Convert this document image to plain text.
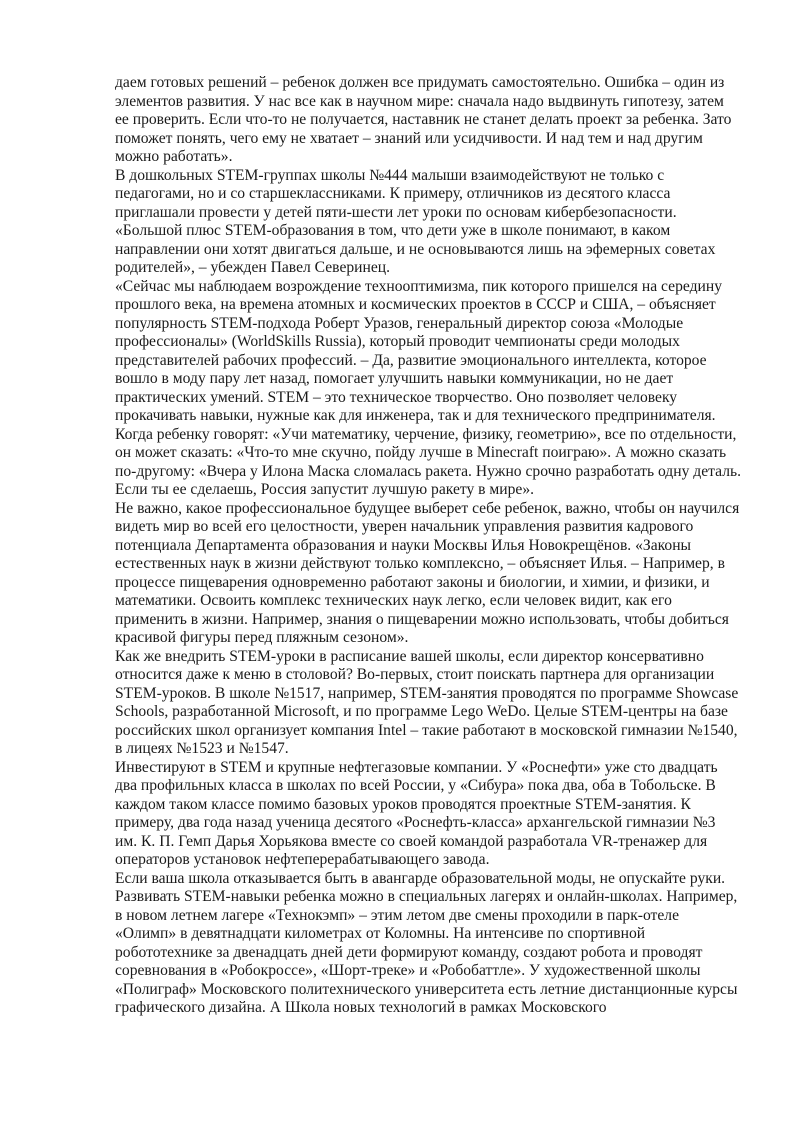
даем готовых решений – ребенок должен все придумать самостоятельно. Ошибка – один из элементов развития. У нас все как в научном мире: сначала надо выдвинуть гипотезу, затем ее проверить. Если что-то не получается, наставник не станет делать проект за ребенка. Зато поможет понять, чего ему не хватает – знаний или усидчивости. И над тем и над другим можно работать».

В дошкольных STEM-группах школы №444 малыши взаимодействуют не только с педагогами, но и со старшеклассниками. К примеру, отличников из десятого класса приглашали провести у детей пяти-шести лет уроки по основам кибербезопасности. «Большой плюс STEM-образования в том, что дети уже в школе понимают, в каком направлении они хотят двигаться дальше, и не основываются лишь на эфемерных советах родителей», – убежден Павел Северинец.

«Сейчас мы наблюдаем возрождение технооптимизма, пик которого пришелся на середину прошлого века, на времена атомных и космических проектов в СССР и США, – объясняет популярность STEM-подхода Роберт Уразов, генеральный директор союза «Молодые профессионалы» (WorldSkills Russia), который проводит чемпионаты среди молодых представителей рабочих профессий. – Да, развитие эмоционального интеллекта, которое вошло в моду пару лет назад, помогает улучшить навыки коммуникации, но не дает практических умений. STEM – это техническое творчество. Оно позволяет человеку прокачивать навыки, нужные как для инженера, так и для технического предпринимателя. Когда ребенку говорят: «Учи математику, черчение, физику, геометрию», все по отдельности, он может сказать: «Что-то мне скучно, пойду лучше в Minecraft поиграю». А можно сказать по-другому: «Вчера у Илона Маска сломалась ракета. Нужно срочно разработать одну деталь. Если ты ее сделаешь, Россия запустит лучшую ракету в мире».

Не важно, какое профессиональное будущее выберет себе ребенок, важно, чтобы он научился видеть мир во всей его целостности, уверен начальник управления развития кадрового потенциала Департамента образования и науки Москвы Илья Новокрещёнов. «Законы естественных наук в жизни действуют только комплексно, – объясняет Илья. – Например, в процессе пищеварения одновременно работают законы и биологии, и химии, и физики, и математики. Освоить комплекс технических наук легко, если человек видит, как его применить в жизни. Например, знания о пищеварении можно использовать, чтобы добиться красивой фигуры перед пляжным сезоном».

Как же внедрить STEM-уроки в расписание вашей школы, если директор консервативно относится даже к меню в столовой? Во-первых, стоит поискать партнера для организации STEM-уроков. В школе №1517, например, STEM-занятия проводятся по программе Showcase Schools, разработанной Microsoft, и по программе Lego WeDo. Целые STEM-центры на базе российских школ организует компания Intel – такие работают в московской гимназии №1540, в лицеях №1523 и №1547.

Инвестируют в STEM и крупные нефтегазовые компании. У «Роснефти» уже сто двадцать два профильных класса в школах по всей России, у «Сибура» пока два, оба в Тобольске. В каждом таком классе помимо базовых уроков проводятся проектные STEM-занятия. К примеру, два года назад ученица десятого «Роснефть-класса» архангельской гимназии №3 им. К. П. Гемп Дарья Хорьякова вместе со своей командой разработала VR-тренажер для операторов установок нефтеперерабатывающего завода.

Если ваша школа отказывается быть в авангарде образовательной моды, не опускайте руки. Развивать STEM-навыки ребенка можно в специальных лагерях и онлайн-школах. Например, в новом летнем лагере «Технокэмп» – этим летом две смены проходили в парк-отеле «Олимп» в девятнадцати километрах от Коломны. На интенсиве по спортивной робототехнике за двенадцать дней дети формируют команду, создают робота и проводят соревнования в «Робокроссе», «Шорт-треке» и «Робобаттле». У художественной школы «Полиграф» Московского политехнического университета есть летние дистанционные курсы графического дизайна. А Школа новых технологий в рамках Московского
